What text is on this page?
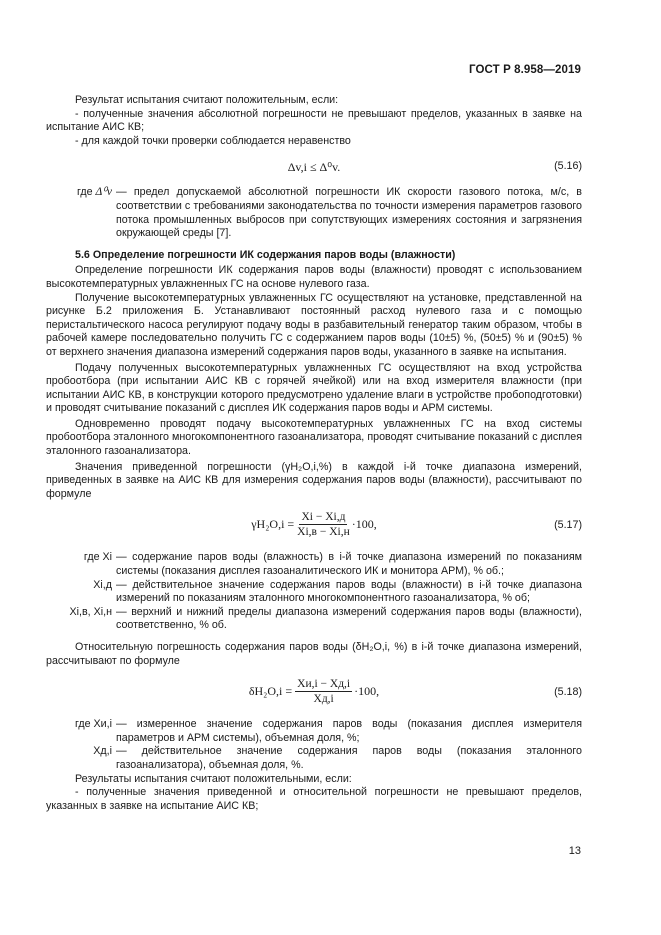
ГОСТ Р 8.958—2019

Результат испытания считают положительным, если:

- полученные значения абсолютной погрешности не превышают пределов, указанных в заявке на испытание АИС КВ;

- для каждой точки проверки соблюдается неравенство

Δv,i ≤ Δ⁰v.	(5.16)
где Δ⁰v — предел допускаемой абсолютной погрешности ИК скорости газового потока, м/с, в соответствии с требованиями законодательства по точности измерения параметров газового потока промышленных выбросов при сопутствующих измерениях состояния и загрязнения окружающей среды [7].

5.6 Определение погрешности ИК содержания паров воды (влажности)

Определение погрешности ИК содержания паров воды (влажности) проводят с использованием высокотемпературных увлажненных ГС на основе нулевого газа.

Получение высокотемпературных увлажненных ГС осуществляют на установке, представленной на рисунке Б.2 приложения Б. Устанавливают постоянный расход нулевого газа и с помощью перистальтического насоса регулируют подачу воды в разбавительный генератор таким образом, чтобы в рабочей камере последовательно получить ГС с содержанием паров воды (10±5) %, (50±5) % и (90±5) % от верхнего значения диапазона измерений содержания паров воды, указанного в заявке на испытания.

Подачу полученных высокотемпературных увлажненных ГС осуществляют на вход устройства пробоотбора (при испытании АИС КВ с горячей ячейкой) или на вход измерителя влажности (при испытании АИС КВ, в конструкции которого предусмотрено удаление влаги в устройстве пробоподготовки) и проводят считывание показаний с дисплея ИК содержания паров воды и АРМ системы.

Одновременно проводят подачу высокотемпературных увлажненных ГС на вход системы пробоотбора эталонного многокомпонентного газоанализатора, проводят считывание показаний с дисплея эталонного газоанализатора.

Значения приведенной погрешности (γH₂O,i,%) в каждой i-й точке диапазона измерений, приведенных в заявке на АИС КВ для измерения содержания паров воды (влажности), рассчитывают по формуле

$\gamma H_2O,i = \frac{Xi - Xi,д}{Xi,в - Xi,н} \cdot 100$,	(5.17)
где Xi — содержание паров воды (влажность) в i-й точке диапазона измерений по показаниям системы (показания дисплея газоаналитического ИК и монитора АРМ), % об.;
Xi,д — действительное значение содержания паров воды (влажности) в i-й точке диапазона измерений по показаниям эталонного многокомпонентного газоанализатора, % об;
Xi,в, Xi,н — верхний и нижний пределы диапазона измерений содержания паров воды (влажности), соответственно, % об.

Относительную погрешность содержания паров воды (δH₂O,i, %) в i-й точке диапазона измерений, рассчитывают по формуле

$\delta H_2O,i = \frac{Xи,i - Xд,i}{Xд,i} \cdot 100$,	(5.18)
где Xи,i — измеренное значение содержания паров воды (показания дисплея измерителя параметров и АРМ системы), объемная доля, %;
Xд,i — действительное значение содержания паров воды (показания эталонного газоанализатора), объемная доля, %.

Результаты испытания считают положительными, если:

- полученные значения приведенной и относительной погрешности не превышают пределов, указанных в заявке на испытание АИС КВ;

13
